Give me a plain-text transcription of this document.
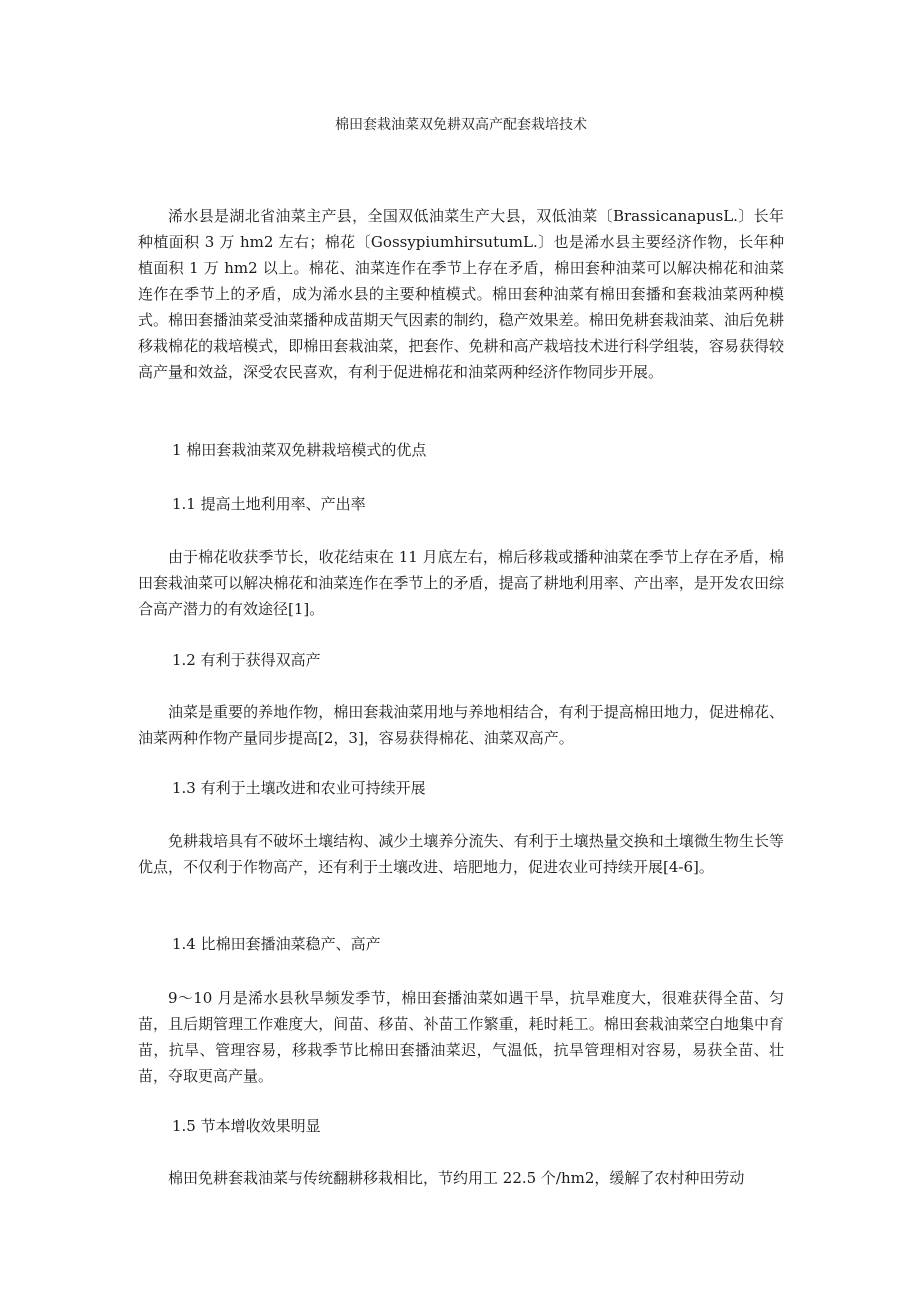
棉田套栽油菜双免耕双高产配套栽培技术

浠水县是湖北省油菜主产县，全国双低油菜生产大县，双低油菜〔BrassicanapusL.〕长年种植面积 3 万 hm2 左右；棉花〔GossypiumhirsutumL.〕也是浠水县主要经济作物，长年种植面积 1 万 hm2 以上。棉花、油菜连作在季节上存在矛盾，棉田套种油菜可以解决棉花和油菜连作在季节上的矛盾，成为浠水县的主要种植模式。棉田套种油菜有棉田套播和套栽油菜两种模式。棉田套播油菜受油菜播种成苗期天气因素的制约，稳产效果差。棉田免耕套栽油菜、油后免耕移栽棉花的栽培模式，即棉田套栽油菜，把套作、免耕和高产栽培技术进行科学组装，容易获得较高产量和效益，深受农民喜欢，有利于促进棉花和油菜两种经济作物同步开展。

1 棉田套栽油菜双免耕栽培模式的优点
1.1 提高土地利用率、产出率

由于棉花收获季节长，收花结束在 11 月底左右，棉后移栽或播种油菜在季节上存在矛盾，棉田套栽油菜可以解决棉花和油菜连作在季节上的矛盾，提高了耕地利用率、产出率，是开发农田综合高产潜力的有效途径[1]。

1.2 有利于获得双高产

油菜是重要的养地作物，棉田套栽油菜用地与养地相结合，有利于提高棉田地力，促进棉花、油菜两种作物产量同步提高[2，3]，容易获得棉花、油菜双高产。

1.3 有利于土壤改进和农业可持续开展

免耕栽培具有不破坏土壤结构、减少土壤养分流失、有利于土壤热量交换和土壤微生物生长等优点，不仅利于作物高产，还有利于土壤改进、培肥地力，促进农业可持续开展[4-6]。

1.4 比棉田套播油菜稳产、高产

9～10 月是浠水县秋旱频发季节，棉田套播油菜如遇干旱，抗旱难度大，很难获得全苗、匀苗，且后期管理工作难度大，间苗、移苗、补苗工作繁重，耗时耗工。棉田套栽油菜空白地集中育苗，抗旱、管理容易，移栽季节比棉田套播油菜迟，气温低，抗旱管理相对容易，易获全苗、壮苗，夺取更高产量。

1.5 节本增收效果明显

棉田免耕套栽油菜与传统翻耕移栽相比，节约用工 22.5 个/hm2，缓解了农村种田劳动
